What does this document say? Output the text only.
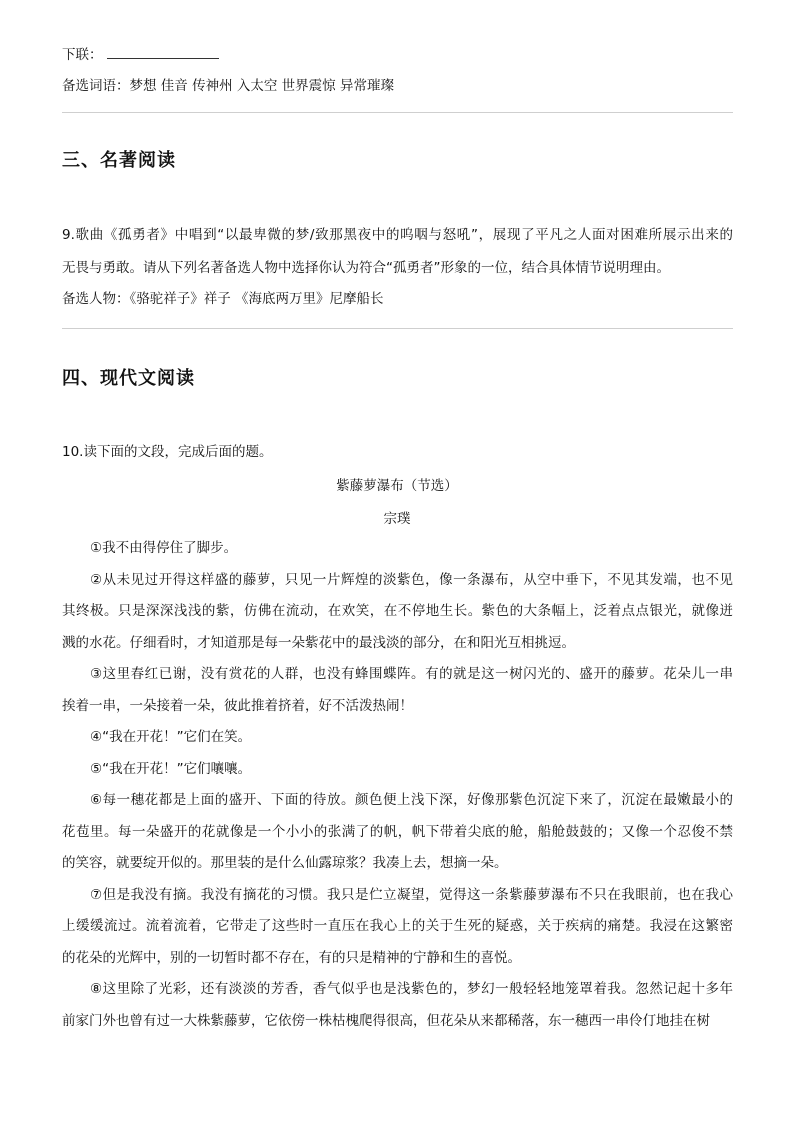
下联：
备选词语：梦想 佳音 传神州 入太空 世界震惊 异常璀璨
三、名著阅读
9.歌曲《孤勇者》中唱到“以最卑微的梦/致那黑夜中的呜咽与怒吼”，展现了平凡之人面对困难所展示出来的
无畏与勇敢。请从下列名著备选人物中选择你认为符合“孤勇者”形象的一位，结合具体情节说明理由。
备选人物：《骆驼祥子》祥子 《海底两万里》尼摩船长
四、现代文阅读
10.读下面的文段，完成后面的题。
紫藤萝瀑布（节选）
宗璞
①我不由得停住了脚步。
②从未见过开得这样盛的藤萝，只见一片辉煌的淡紫色，像一条瀑布，从空中垂下，不见其发端，也不见
其终极。只是深深浅浅的紫，仿佛在流动，在欢笑，在不停地生长。紫色的大条幅上，泛着点点银光，就像迸
溅的水花。仔细看时，才知道那是每一朵紫花中的最浅淡的部分，在和阳光互相挑逗。
③这里春红已谢，没有赏花的人群，也没有蜂围蝶阵。有的就是这一树闪光的、盛开的藤萝。花朵儿一串
挨着一串，一朵接着一朵，彼此推着挤着，好不活泼热闹！
④“我在开花！”它们在笑。
⑤“我在开花！”它们嚷嚷。
⑥每一穗花都是上面的盛开、下面的待放。颜色便上浅下深，好像那紫色沉淀下来了，沉淀在最嫩最小的
花苞里。每一朵盛开的花就像是一个小小的张满了的帆，帆下带着尖底的舱，船舱鼓鼓的；又像一个忍俊不禁
的笑容，就要绽开似的。那里装的是什么仙露琼浆？我凑上去，想摘一朵。
⑦但是我没有摘。我没有摘花的习惯。我只是伫立凝望，觉得这一条紫藤萝瀑布不只在我眼前，也在我心
上缓缓流过。流着流着，它带走了这些时一直压在我心上的关于生死的疑惑，关于疾病的痛楚。我浸在这繁密
的花朵的光辉中，别的一切暂时都不存在，有的只是精神的宁静和生的喜悦。
⑧这里除了光彩，还有淡淡的芳香，香气似乎也是浅紫色的，梦幻一般轻轻地笼罩着我。忽然记起十多年
前家门外也曾有过一大株紫藤萝，它依傍一株枯槐爬得很高，但花朵从来都稀落，东一穗西一串伶仃地挂在树
